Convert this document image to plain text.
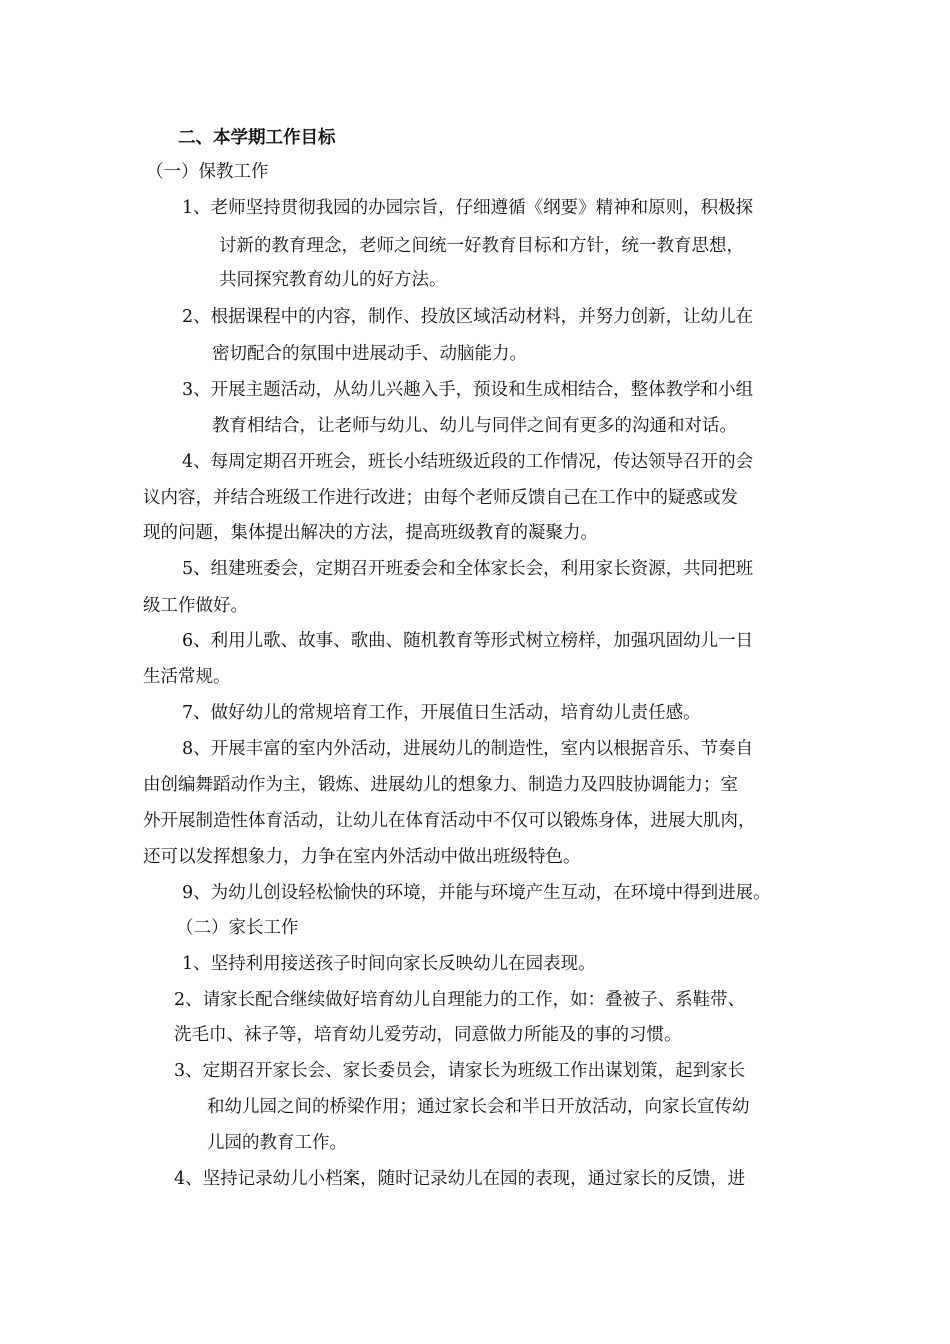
二、本学期工作目标
（一）保教工作
1、老师坚持贯彻我园的办园宗旨，仔细遵循《纲要》精神和原则，积极探
讨新的教育理念，老师之间统一好教育目标和方针，统一教育思想，
共同探究教育幼儿的好方法。
2、根据课程中的内容，制作、投放区域活动材料，并努力创新，让幼儿在
密切配合的氛围中进展动手、动脑能力。
3、开展主题活动，从幼儿兴趣入手，预设和生成相结合，整体教学和小组
教育相结合，让老师与幼儿、幼儿与同伴之间有更多的沟通和对话。
4、每周定期召开班会，班长小结班级近段的工作情况，传达领导召开的会
议内容，并结合班级工作进行改进；由每个老师反馈自己在工作中的疑惑或发
现的问题，集体提出解决的方法，提高班级教育的凝聚力。
5、组建班委会，定期召开班委会和全体家长会，利用家长资源，共同把班
级工作做好。
6、利用儿歌、故事、歌曲、随机教育等形式树立榜样，加强巩固幼儿一日
生活常规。
7、做好幼儿的常规培育工作，开展值日生活动，培育幼儿责任感。
8、开展丰富的室内外活动，进展幼儿的制造性，室内以根据音乐、节奏自
由创编舞蹈动作为主，锻炼、进展幼儿的想象力、制造力及四肢协调能力；室
外开展制造性体育活动，让幼儿在体育活动中不仅可以锻炼身体，进展大肌肉，
还可以发挥想象力，力争在室内外活动中做出班级特色。
9、为幼儿创设轻松愉快的环境，并能与环境产生互动，在环境中得到进展。
（二）家长工作
1、坚持利用接送孩子时间向家长反映幼儿在园表现。
2、请家长配合继续做好培育幼儿自理能力的工作，如：叠被子、系鞋带、
洗毛巾、袜子等，培育幼儿爱劳动，同意做力所能及的事的习惯。
3、定期召开家长会、家长委员会，请家长为班级工作出谋划策，起到家长
和幼儿园之间的桥梁作用；通过家长会和半日开放活动，向家长宣传幼
儿园的教育工作。
4、坚持记录幼儿小档案，随时记录幼儿在园的表现，通过家长的反馈，进
